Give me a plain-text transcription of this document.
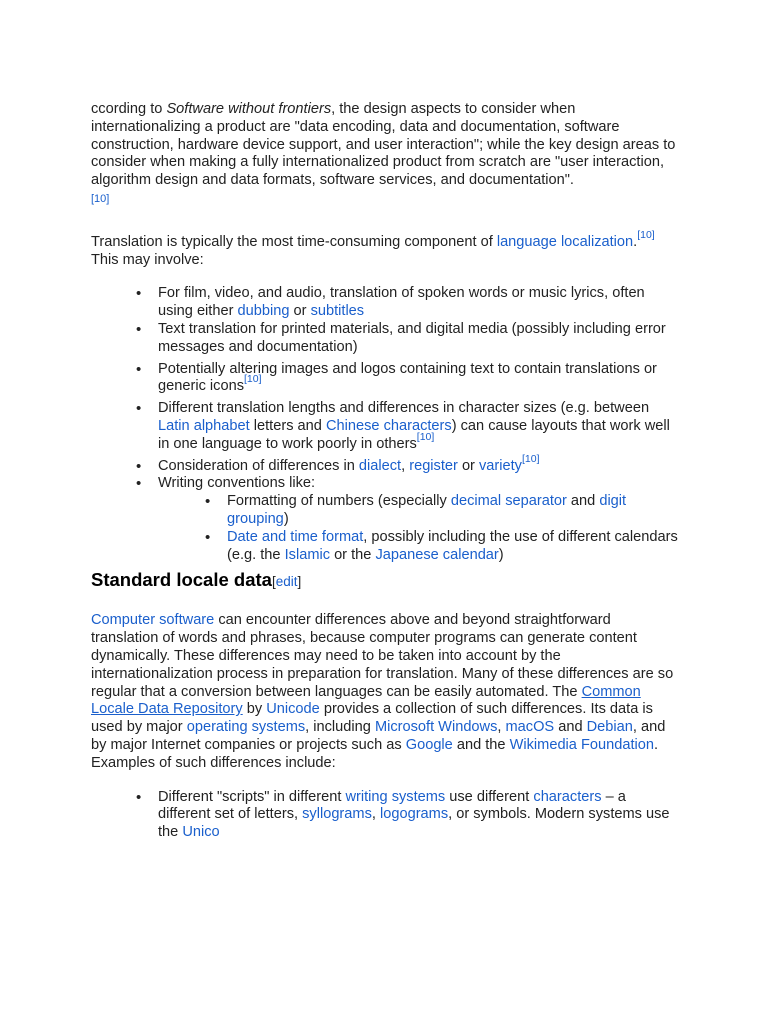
ccording to Software without frontiers, the design aspects to consider when internationalizing a product are "data encoding, data and documentation, software construction, hardware device support, and user interaction"; while the key design areas to consider when making a fully internationalized product from scratch are "user interaction, algorithm design and data formats, software services, and documentation".
[10]

Translation is typically the most time-consuming component of language localization.[10]
This may involve:

• For film, video, and audio, translation of spoken words or music lyrics, often using either dubbing or subtitles
• Text translation for printed materials, and digital media (possibly including error messages and documentation)
• Potentially altering images and logos containing text to contain translations or generic icons[10]
• Different translation lengths and differences in character sizes (e.g. between Latin alphabet letters and Chinese characters) can cause layouts that work well in one language to work poorly in others[10]
• Consideration of differences in dialect, register or variety[10]
• Writing conventions like:
• Formatting of numbers (especially decimal separator and digit grouping)
• Date and time format, possibly including the use of different calendars (e.g. the Islamic or the Japanese calendar)
Standard locale data[edit]

Computer software can encounter differences above and beyond straightforward translation of words and phrases, because computer programs can generate content dynamically. These differences may need to be taken into account by the internationalization process in preparation for translation. Many of these differences are so regular that a conversion between languages can be easily automated. The Common Locale Data Repository by Unicode provides a collection of such differences. Its data is used by major operating systems, including Microsoft Windows, macOS and Debian, and by major Internet companies or projects such as Google and the Wikimedia Foundation. Examples of such differences include:

• Different "scripts" in different writing systems use different characters – a different set of letters, syllograms, logograms, or symbols. Modern systems use the Unico
